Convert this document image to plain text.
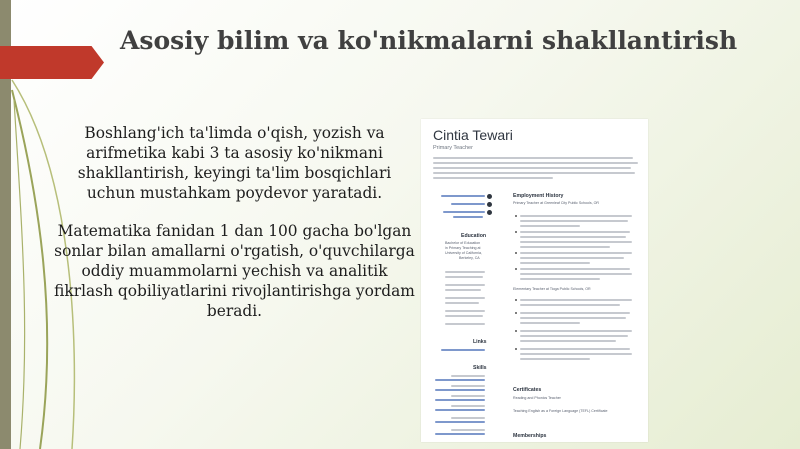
Asosiy bilim va ko'nikmalarni shakllantirish

Boshlang'ich ta'limda o'qish, yozish va arifmetika kabi 3 ta asosiy ko'nikmani shakllantirish, keyingi ta'lim bosqichlari uchun mustahkam poydevor yaratadi.

Matematika fanidan 1 dan 100 gacha bo'lgan sonlar bilan amallarni o'rgatish, o'quvchilarga oddiy muammolarni yechish va analitik fikrlash qobiliyatlarini rivojlantirishga yordam beradi.

Cintia Tewari
Primary Teacher
Education
Bachelor of Education
in Primary Teaching at
University of California,
Berkeley, CA
Links
Skills
Employment History
Primary Teacher at Greenleaf City Public Schools, OR
Elementary Teacher at Tioga Public Schools, OR
Certificates
Reading and Phonics Teacher
Teaching English as a Foreign Language (TEFL) Certificate
Memberships
